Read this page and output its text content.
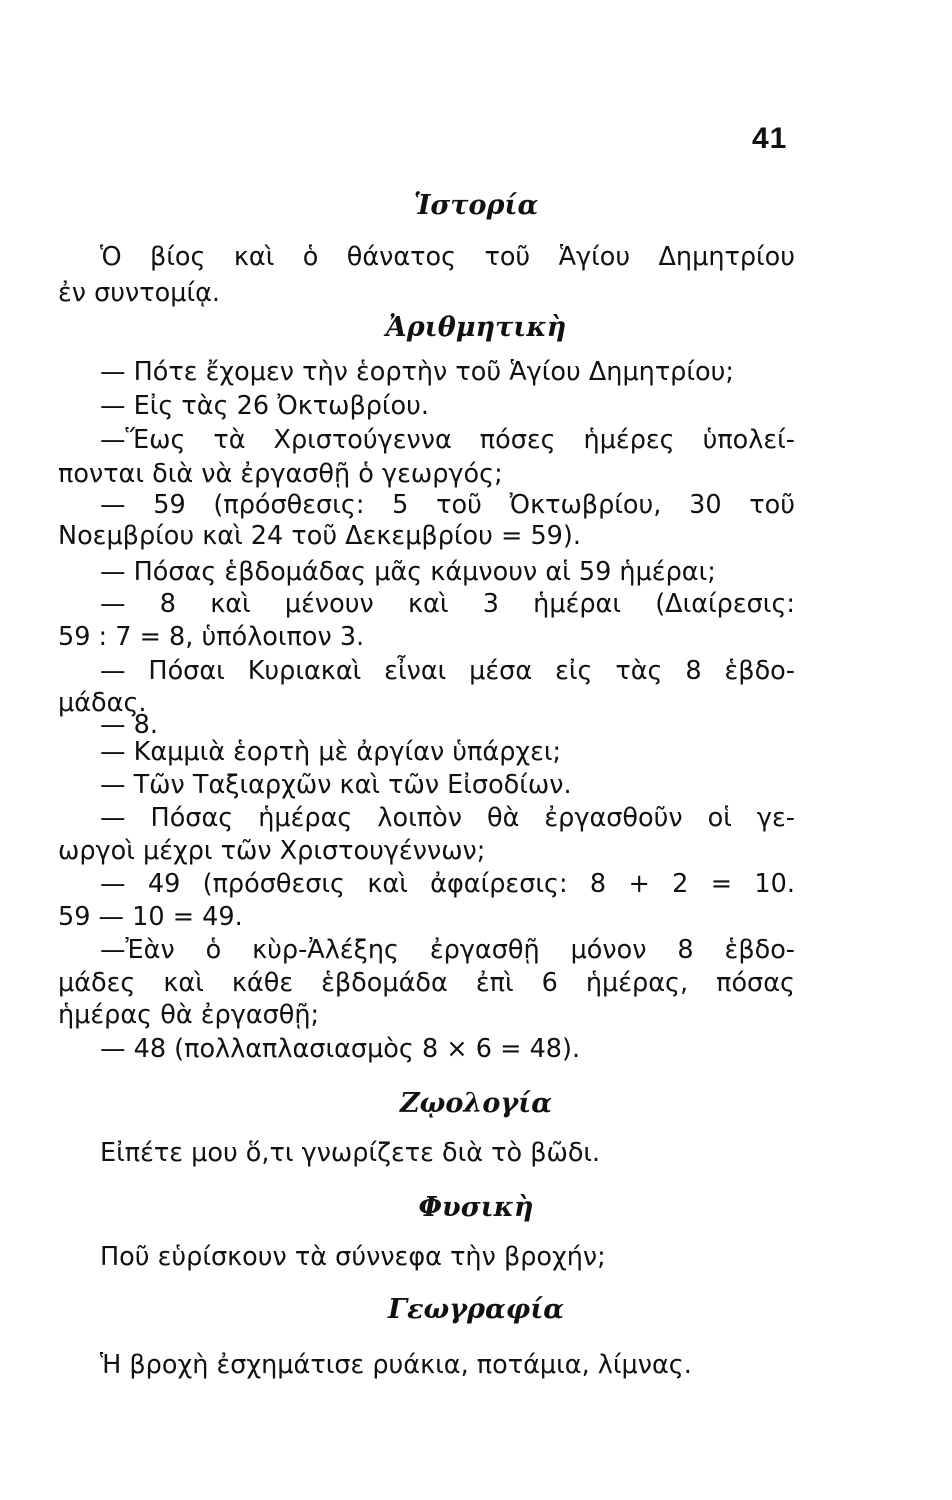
41
Ἱστορία
Ὁ βίος καὶ ὁ θάνατος τοῦ Ἁγίου Δημητρίου
ἐν συντομίᾳ.
Ἀριθμητικὴ
— Πότε ἔχομεν τὴν ἑορτὴν τοῦ Ἁγίου Δημητρίου;
— Εἰς τὰς 26 Ὀκτωβρίου.
—Ἕως τὰ Χριστούγεννα πόσες ἡμέρες ὑπολεί-
πονται διὰ νὰ ἐργασθῇ ὁ γεωργός;
— 59 (πρόσθεσις: 5 τοῦ Ὀκτωβρίου, 30 τοῦ
Νοεμβρίου καὶ 24 τοῦ Δεκεμβρίου = 59).
— Πόσας ἑβδομάδας μᾶς κάμνουν αἱ 59 ἡμέραι;
— 8 καὶ μένουν καὶ 3 ἡμέραι (Διαίρεσις:
59 : 7 = 8, ὑπόλοιπον 3.
— Πόσαι Κυριακαὶ εἶναι μέσα εἰς τὰς 8 ἑβδο-
μάδας.
— 8.
— Καμμιὰ ἑορτὴ μὲ ἀργίαν ὑπάρχει;
— Τῶν Ταξιαρχῶν καὶ τῶν Εἰσοδίων.
— Πόσας ἡμέρας λοιπὸν θὰ ἐργασθοῦν οἱ γε-
ωργοὶ μέχρι τῶν Χριστουγέννων;
— 49 (πρόσθεσις καὶ ἀφαίρεσις: 8 + 2 = 10.
59 — 10 = 49.
—Ἐὰν ὁ κὺρ-Ἀλέξης ἐργασθῇ μόνον 8 ἑβδο-
μάδες καὶ κάθε ἑβδομάδα ἐπὶ 6 ἡμέρας, πόσας
ἡμέρας θὰ ἐργασθῇ;
— 48 (πολλαπλασιασμὸς 8 × 6 = 48).
Ζῳολογία
Εἰπέτε μου ὅ,τι γνωρίζετε διὰ τὸ βῶδι.
Φυσικὴ
Ποῦ εὑρίσκουν τὰ σύννεφα τὴν βροχήν;
Γεωγραφία
Ἡ βροχὴ ἐσχημάτισε ρυάκια, ποτάμια, λίμνας.
